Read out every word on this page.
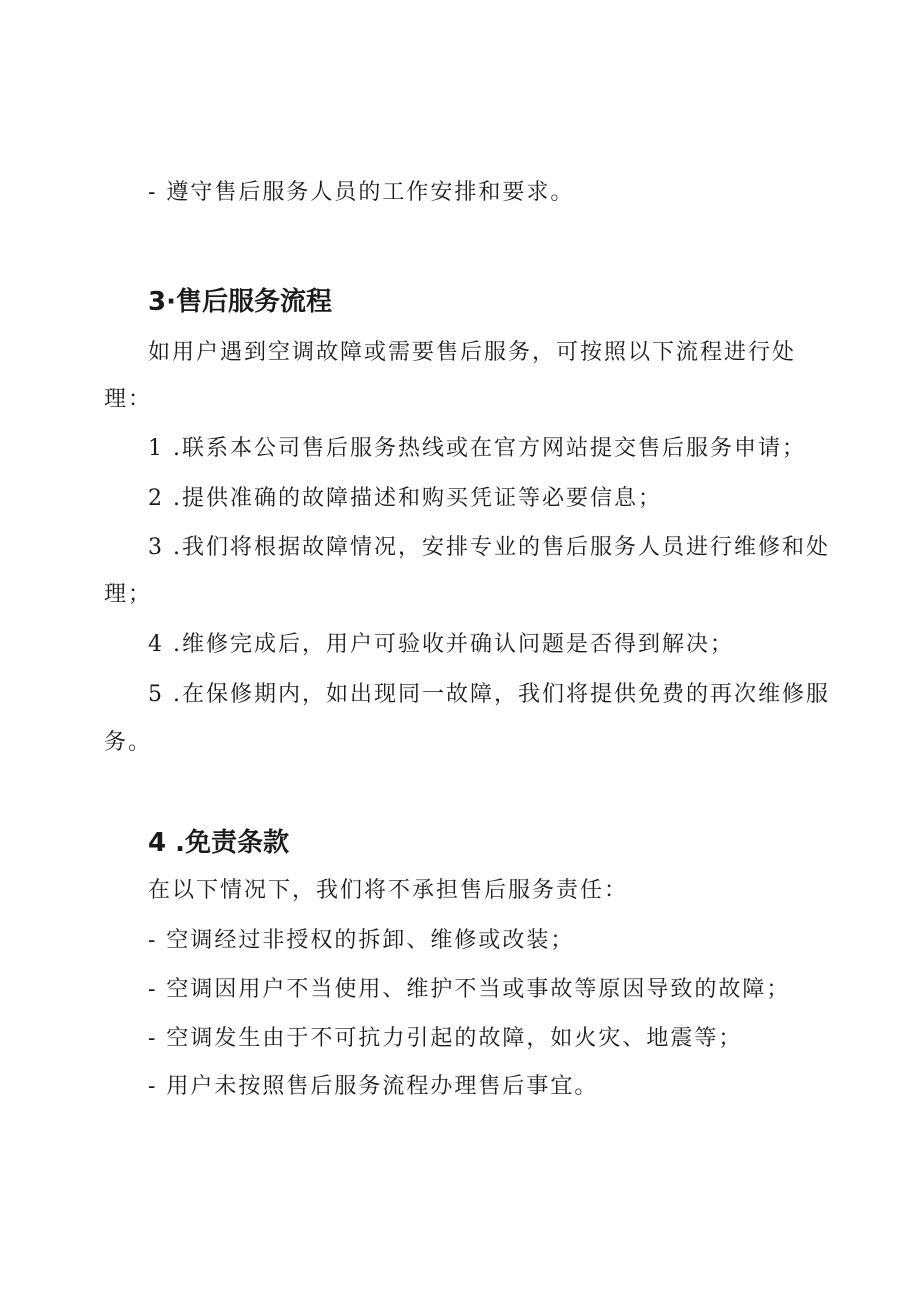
- 遵守售后服务人员的工作安排和要求。
3·售后服务流程
如用户遇到空调故障或需要售后服务，可按照以下流程进行处
理：
1 .联系本公司售后服务热线或在官方网站提交售后服务申请；
2 .提供准确的故障描述和购买凭证等必要信息；
3 .我们将根据故障情况，安排专业的售后服务人员进行维修和处
理；
4 .维修完成后，用户可验收并确认问题是否得到解决；
5 .在保修期内，如出现同一故障，我们将提供免费的再次维修服
务。
4 .免责条款
在以下情况下，我们将不承担售后服务责任：
- 空调经过非授权的拆卸、维修或改装；
- 空调因用户不当使用、维护不当或事故等原因导致的故障；
- 空调发生由于不可抗力引起的故障，如火灾、地震等；
- 用户未按照售后服务流程办理售后事宜。
